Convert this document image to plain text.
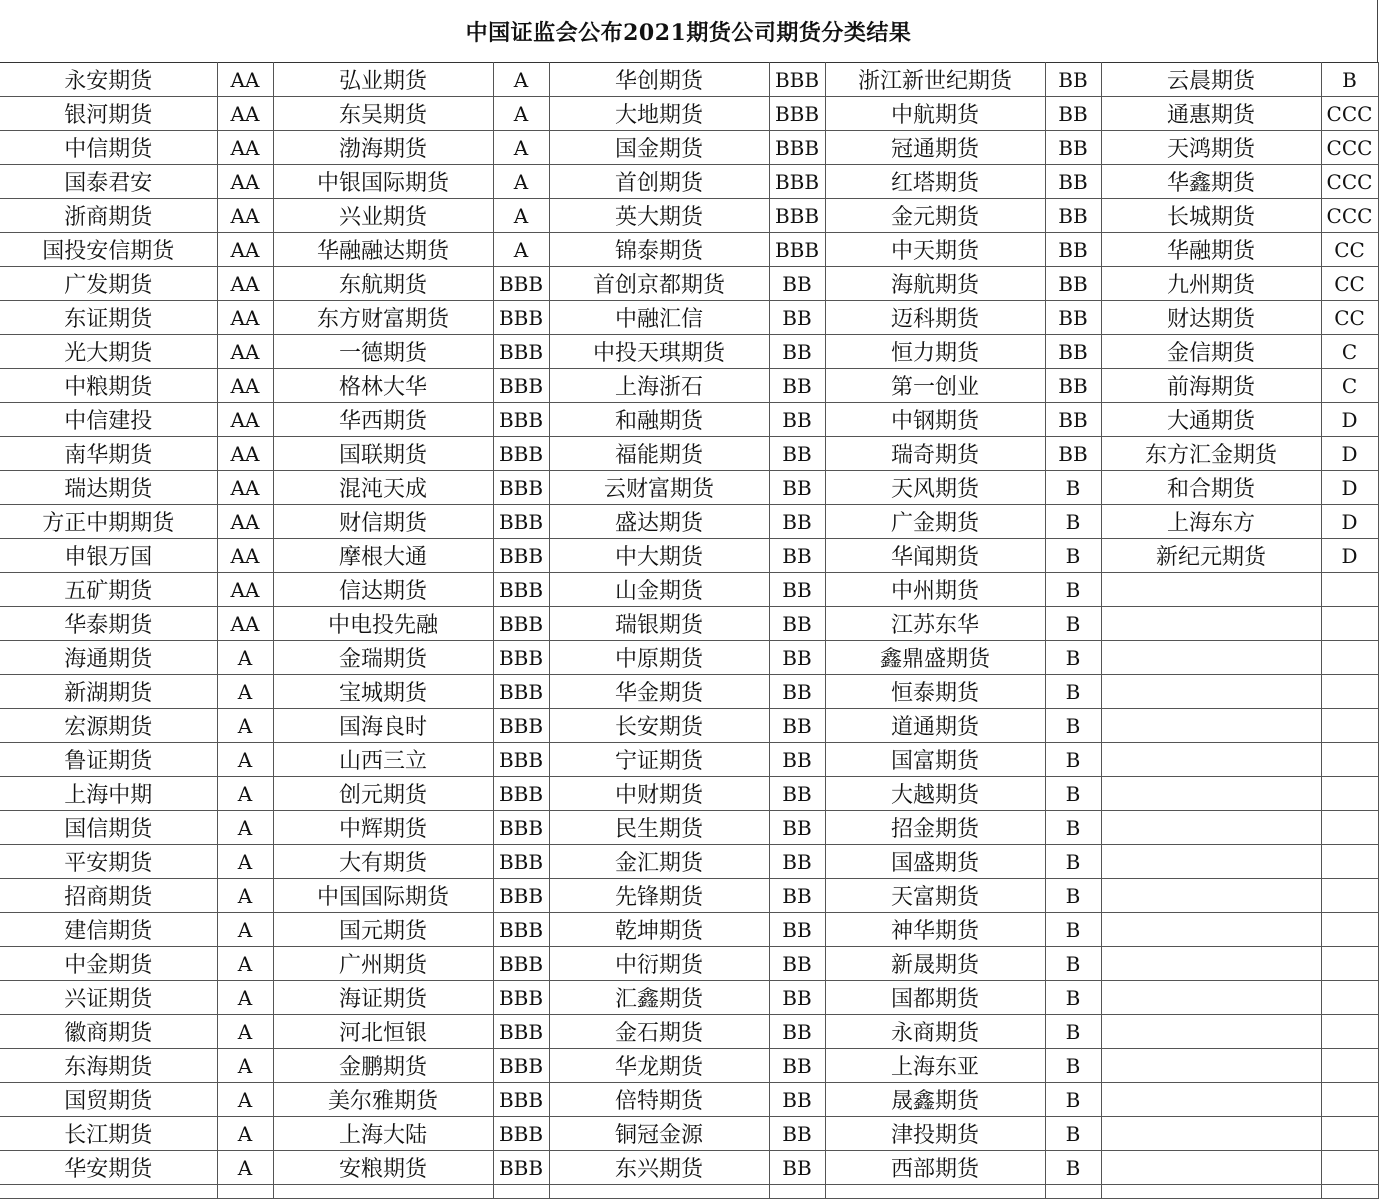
中国证监会公布2021期货公司期货分类结果
永安期货	AA	弘业期货	A	华创期货	BBB	浙江新世纪期货	BB	云晨期货	B
银河期货	AA	东吴期货	A	大地期货	BBB	中航期货	BB	通惠期货	CCC
中信期货	AA	渤海期货	A	国金期货	BBB	冠通期货	BB	天鸿期货	CCC
国泰君安	AA	中银国际期货	A	首创期货	BBB	红塔期货	BB	华鑫期货	CCC
浙商期货	AA	兴业期货	A	英大期货	BBB	金元期货	BB	长城期货	CCC
国投安信期货	AA	华融融达期货	A	锦泰期货	BBB	中天期货	BB	华融期货	CC
广发期货	AA	东航期货	BBB	首创京都期货	BB	海航期货	BB	九州期货	CC
东证期货	AA	东方财富期货	BBB	中融汇信	BB	迈科期货	BB	财达期货	CC
光大期货	AA	一德期货	BBB	中投天琪期货	BB	恒力期货	BB	金信期货	C
中粮期货	AA	格林大华	BBB	上海浙石	BB	第一创业	BB	前海期货	C
中信建投	AA	华西期货	BBB	和融期货	BB	中钢期货	BB	大通期货	D
南华期货	AA	国联期货	BBB	福能期货	BB	瑞奇期货	BB	东方汇金期货	D
瑞达期货	AA	混沌天成	BBB	云财富期货	BB	天风期货	B	和合期货	D
方正中期期货	AA	财信期货	BBB	盛达期货	BB	广金期货	B	上海东方	D
申银万国	AA	摩根大通	BBB	中大期货	BB	华闻期货	B	新纪元期货	D
五矿期货	AA	信达期货	BBB	山金期货	BB	中州期货	B		
华泰期货	AA	中电投先融	BBB	瑞银期货	BB	江苏东华	B		
海通期货	A	金瑞期货	BBB	中原期货	BB	鑫鼎盛期货	B		
新湖期货	A	宝城期货	BBB	华金期货	BB	恒泰期货	B		
宏源期货	A	国海良时	BBB	长安期货	BB	道通期货	B		
鲁证期货	A	山西三立	BBB	宁证期货	BB	国富期货	B		
上海中期	A	创元期货	BBB	中财期货	BB	大越期货	B		
国信期货	A	中辉期货	BBB	民生期货	BB	招金期货	B		
平安期货	A	大有期货	BBB	金汇期货	BB	国盛期货	B		
招商期货	A	中国国际期货	BBB	先锋期货	BB	天富期货	B		
建信期货	A	国元期货	BBB	乾坤期货	BB	神华期货	B		
中金期货	A	广州期货	BBB	中衍期货	BB	新晟期货	B		
兴证期货	A	海证期货	BBB	汇鑫期货	BB	国都期货	B		
徽商期货	A	河北恒银	BBB	金石期货	BB	永商期货	B		
东海期货	A	金鹏期货	BBB	华龙期货	BB	上海东亚	B		
国贸期货	A	美尔雅期货	BBB	倍特期货	BB	晟鑫期货	B		
长江期货	A	上海大陆	BBB	铜冠金源	BB	津投期货	B		
华安期货	A	安粮期货	BBB	东兴期货	BB	西部期货	B		
